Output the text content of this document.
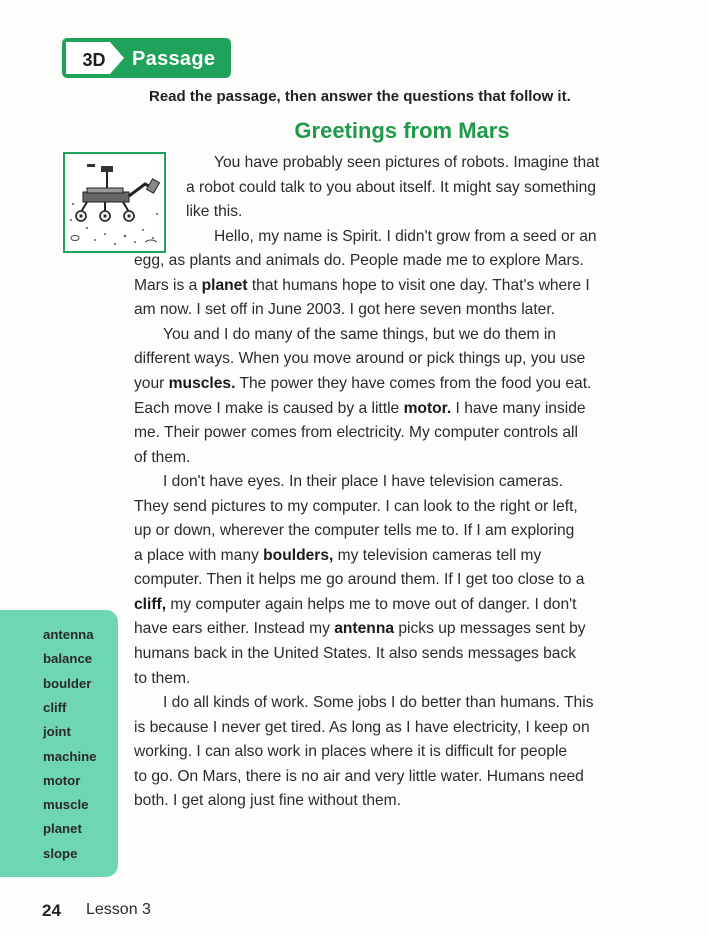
3D	Passage

Read the passage, then answer the questions that follow it.

Greetings from Mars

You have probably seen pictures of robots. Imagine that

a robot could talk to you about itself. It might say something

like this.

Hello, my name is Spirit. I didn't grow from a seed or an

egg, as plants and animals do. People made me to explore Mars.

Mars is a planet that humans hope to visit one day. That's where I

am now. I set off in June 2003. I got here seven months later.

You and I do many of the same things, but we do them in

different ways. When you move around or pick things up, you use

your muscles. The power they have comes from the food you eat.

Each move I make is caused by a little motor. I have many inside

me. Their power comes from electricity. My computer controls all

of them.

I don't have eyes. In their place I have television cameras.

They send pictures to my computer. I can look to the right or left,

up or down, wherever the computer tells me to. If I am exploring

a place with many boulders, my television cameras tell my

computer. Then it helps me go around them. If I get too close to a

cliff, my computer again helps me to move out of danger. I don't

have ears either. Instead my antenna picks up messages sent by

humans back in the United States. It also sends messages back

to them.

I do all kinds of work. Some jobs I do better than humans. This

is because I never get tired. As long as I have electricity, I keep on

working. I can also work in places where it is difficult for people

to go. On Mars, there is no air and very little water. Humans need

both. I get along just fine without them.

antenna
balance
boulder
cliff
joint
machine
motor
muscle
planet
slope
24 Lesson 3
